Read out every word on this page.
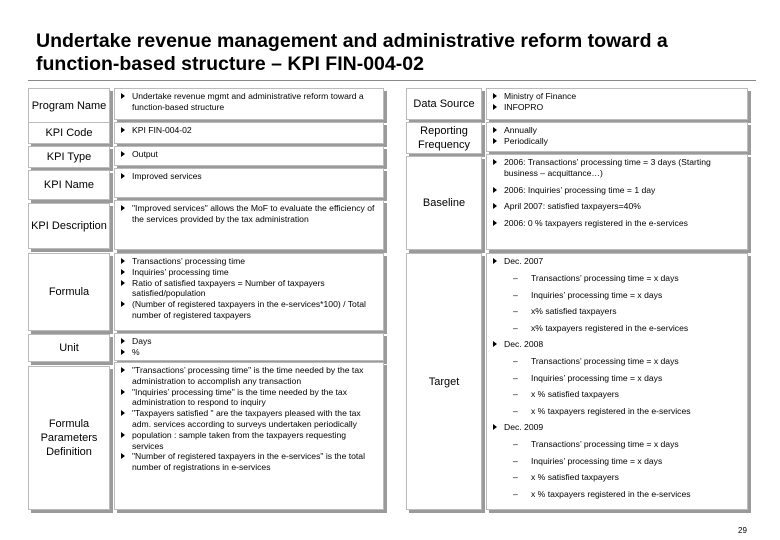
Undertake revenue management and administrative reform toward a function-based structure – KPI FIN-004-02
Program Name
KPI Code
KPI Type
KPI Name
KPI Description
Formula
Unit
Formula Parameters Definition
Undertake revenue mgmt and administrative reform toward a function-based structure
KPI FIN-004-02
Output
Improved services
"Improved services" allows the MoF to evaluate the efficiency of the services provided by the tax administration
Transactions’ processing time
Inquiries’ processing time
Ratio of satisfied taxpayers = Number of taxpayers satisfied/population
(Number of registered taxpayers in the e-services*100) / Total number of registered taxpayers
Days
%
"Transactions’ processing time" is the time needed by the tax administration to accomplish any transaction
"Inquiries’ processing time" is the time needed by the tax administration to respond to inquiry
"Taxpayers satisfied " are the taxpayers pleased with the tax adm. services according to surveys undertaken periodically
population : sample taken from the taxpayers requesting services
"Number of registered taxpayers in the e-services" is the total number of registrations in e-services
Data Source
Reporting Frequency
Baseline
Target
Ministry of Finance
INFOPRO
Annually
Periodically
2006: Transactions’ processing time = 3 days (Starting business – acquittance…)
2006: Inquiries’ processing time = 1 day
April 2007: satisfied taxpayers=40%
2006: 0 % taxpayers registered in the e-services
Dec. 2007
– Transactions’ processing time = x days
– Inquiries’ processing time = x days
– x% satisfied taxpayers
– x% taxpayers registered in the e-services
Dec. 2008
– Transactions’ processing time = x days
– Inquiries’ processing time = x days
– x % satisfied taxpayers
– x % taxpayers registered in the e-services
Dec. 2009
– Transactions’ processing time = x days
– Inquiries’ processing time = x days
– x % satisfied taxpayers
– x % taxpayers registered in the e-services
29
